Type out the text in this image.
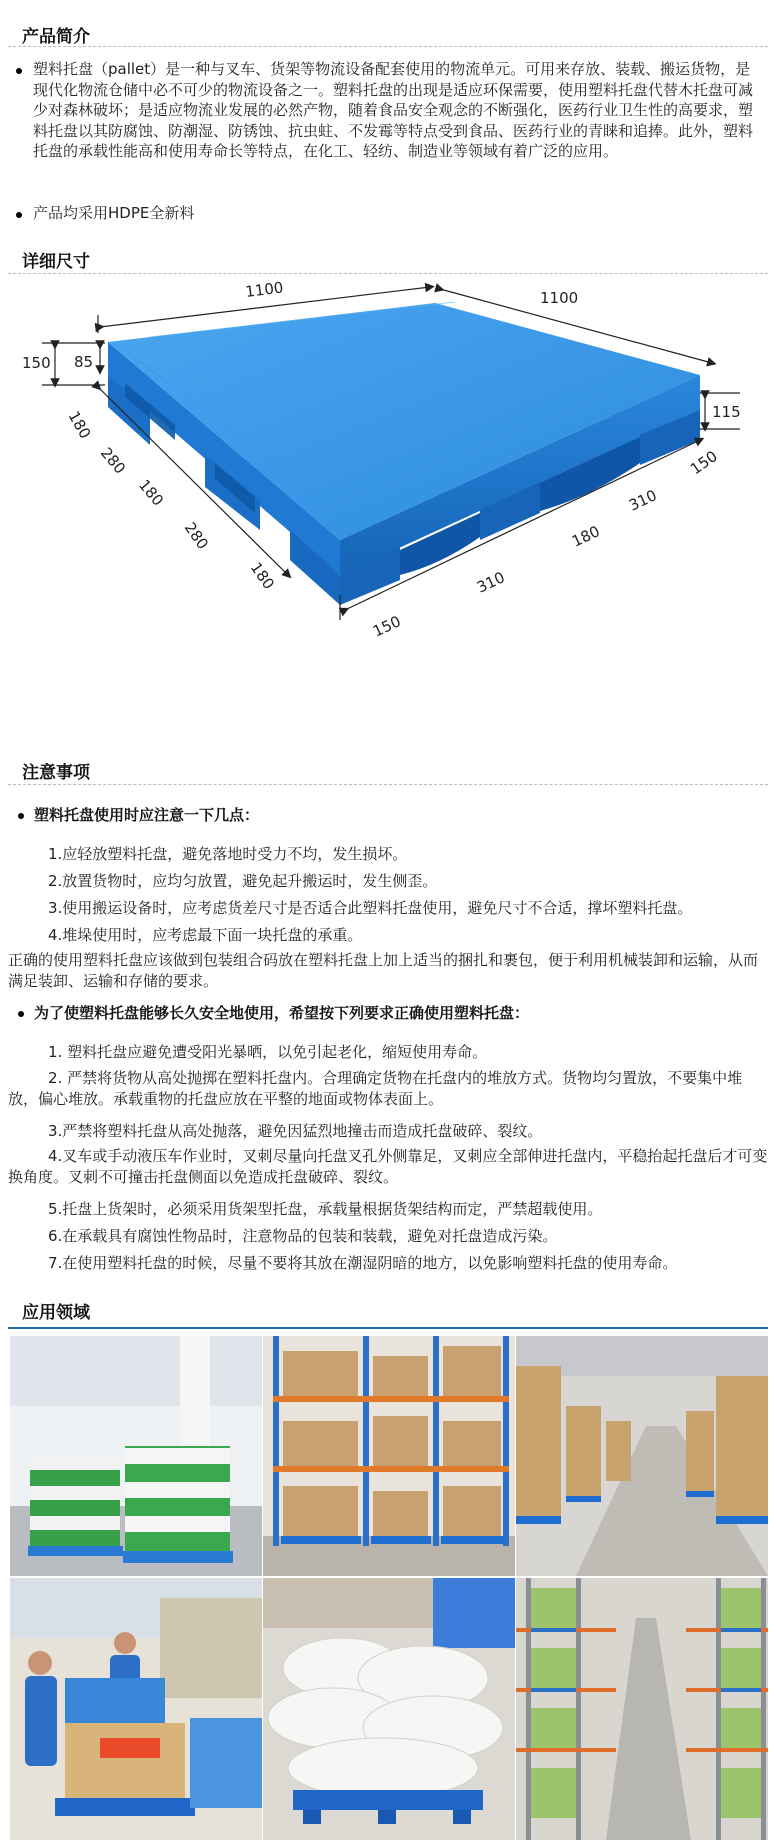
产品简介
塑料托盘（pallet）是一种与叉车、货架等物流设备配套使用的物流单元。可用来存放、装载、搬运货物，是现代化物流仓储中必不可少的物流设备之一。塑料托盘的出现是适应环保需要，使用塑料托盘代替木托盘可减少对森林破坏；是适应物流业发展的必然产物，随着食品安全观念的不断强化，医药行业卫生性的高要求，塑料托盘以其防腐蚀、防潮湿、防锈蚀、抗虫蛀、不发霉等特点受到食品、医药行业的青睐和追捧。此外，塑料托盘的承载性能高和使用寿命长等特点，在化工、轻纺、制造业等领域有着广泛的应用。
产品均采用HDPE全新料
详细尺寸
1100	1100
150 85
115
180
280
180
280
180
150
310
180
310
150
注意事项
塑料托盘使用时应注意一下几点：
1.应轻放塑料托盘，避免落地时受力不均，发生损坏。
2.放置货物时，应均匀放置，避免起升搬运时，发生侧歪。
3.使用搬运设备时，应考虑货差尺寸是否适合此塑料托盘使用，避免尺寸不合适，撑坏塑料托盘。
4.堆垛使用时，应考虑最下面一块托盘的承重。
正确的使用塑料托盘应该做到包装组合码放在塑料托盘上加上适当的捆扎和裹包，便于利用机械装卸和运输，从而满足装卸、运输和存储的要求。
为了使塑料托盘能够长久安全地使用，希望按下列要求正确使用塑料托盘：
1. 塑料托盘应避免遭受阳光暴晒，以免引起老化，缩短使用寿命。
2. 严禁将货物从高处抛掷在塑料托盘内。合理确定货物在托盘内的堆放方式。货物均匀置放，不要集中堆放，偏心堆放。承载重物的托盘应放在平整的地面或物体表面上。
3.严禁将塑料托盘从高处抛落，避免因猛烈地撞击而造成托盘破碎、裂纹。
4.叉车或手动液压车作业时，叉刺尽量向托盘叉孔外侧靠足，叉刺应全部伸进托盘内，平稳抬起托盘后才可变换角度。叉刺不可撞击托盘侧面以免造成托盘破碎、裂纹。
5.托盘上货架时，必须采用货架型托盘，承载量根据货架结构而定，严禁超载使用。
6.在承载具有腐蚀性物品时，注意物品的包装和装载，避免对托盘造成污染。
7.在使用塑料托盘的时候，尽量不要将其放在潮湿阴暗的地方，以免影响塑料托盘的使用寿命。
应用领域
